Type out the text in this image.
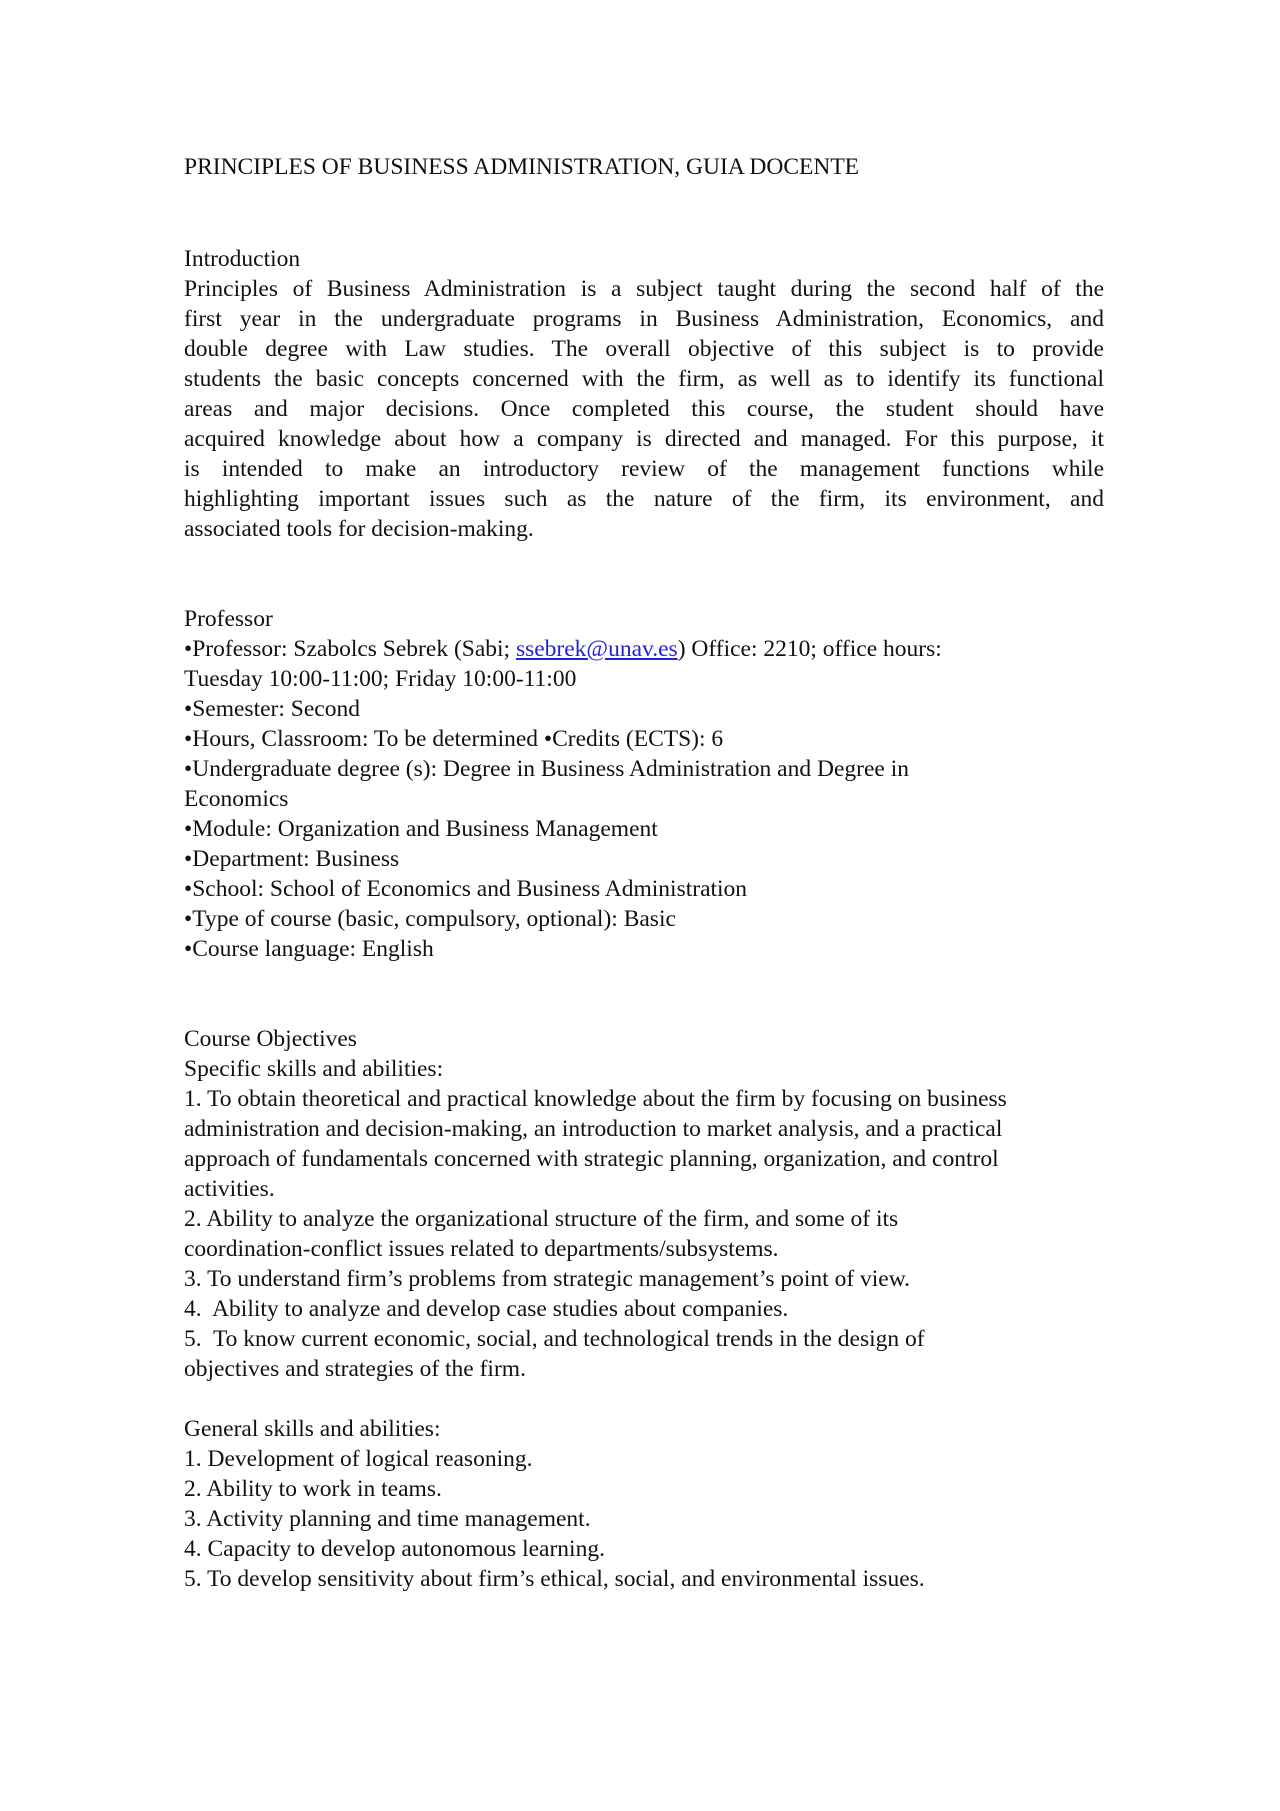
PRINCIPLES OF BUSINESS ADMINISTRATION, GUIA DOCENTE
Introduction
Principles of Business Administration is a subject taught during the second half of the
first year in the undergraduate programs in Business Administration, Economics, and
double degree with Law studies. The overall objective of this subject is to provide
students the basic concepts concerned with the firm, as well as to identify its functional
areas and major decisions. Once completed this course, the student should have
acquired knowledge about how a company is directed and managed. For this purpose, it
is intended to make an introductory review of the management functions while
highlighting important issues such as the nature of the firm, its environment, and
associated tools for decision-making.
Professor
•Professor: Szabolcs Sebrek (Sabi; ssebrek@unav.es) Office: 2210; office hours:
Tuesday 10:00-11:00; Friday 10:00-11:00
•Semester: Second
•Hours, Classroom: To be determined •Credits (ECTS): 6
•Undergraduate degree (s): Degree in Business Administration and Degree in
Economics
•Module: Organization and Business Management
•Department: Business
•School: School of Economics and Business Administration
•Type of course (basic, compulsory, optional): Basic
•Course language: English
Course Objectives
Specific skills and abilities:
1. To obtain theoretical and practical knowledge about the firm by focusing on business
administration and decision-making, an introduction to market analysis, and a practical
approach of fundamentals concerned with strategic planning, organization, and control
activities.
2. Ability to analyze the organizational structure of the firm, and some of its
coordination-conflict issues related to departments/subsystems.
3. To understand firm’s problems from strategic management’s point of view.
4.  Ability to analyze and develop case studies about companies.
5.  To know current economic, social, and technological trends in the design of
objectives and strategies of the firm.
General skills and abilities:
1. Development of logical reasoning.
2. Ability to work in teams.
3. Activity planning and time management.
4. Capacity to develop autonomous learning.
5. To develop sensitivity about firm’s ethical, social, and environmental issues.
